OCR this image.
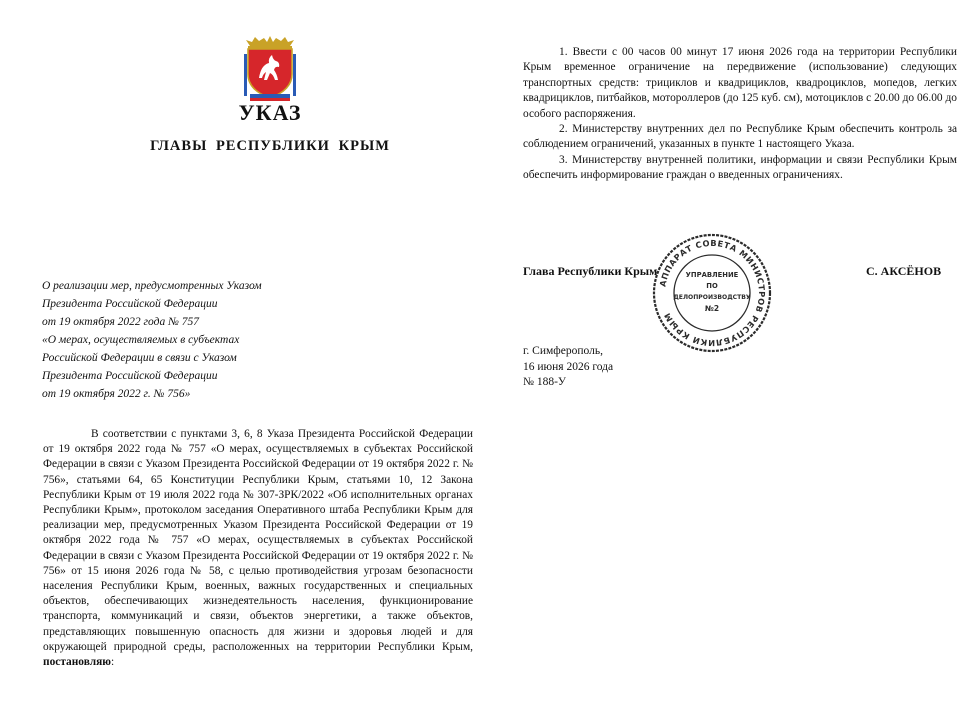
УКАЗ
ГЛАВЫ РЕСПУБЛИКИ КРЫМ
О реализации мер, предусмотренных Указом
Президента Российской Федерации
от 19 октября 2022 года № 757
«О мерах, осуществляемых в субъектах
Российской Федерации в связи с Указом
Президента Российской Федерации
от 19 октября 2022 г. № 756»

В соответствии с пунктами 3, 6, 8 Указа Президента Российской Федерации от 19 октября 2022 года № 757 «О мерах, осуществляемых в субъектах Российской Федерации в связи с Указом Президента Российской Федерации от 19 октября 2022 г. № 756», статьями 64, 65 Конституции Республики Крым, статьями 10, 12 Закона Республики Крым от 19 июля 2022 года № 307-ЗРК/2022 «Об исполнительных органах Республики Крым», протоколом заседания Оперативного штаба Республики Крым для реализации мер, предусмотренных Указом Президента Российской Федерации от 19 октября 2022 года № 757 «О мерах, осуществляемых в субъектах Российской Федерации в связи с Указом Президента Российской Федерации от 19 октября 2022 г. № 756» от 15 июня 2026 года № 58, с целью противодействия угрозам безопасности населения Республики Крым, военных, важных государственных и специальных объектов, обеспечивающих жизнедеятельность населения, функционирование транспорта, коммуникаций и связи, объектов энергетики, а также объектов, представляющих повышенную опасность для жизни и здоровья людей и для окружающей природной среды, расположенных на территории Республики Крым, постановляю:

1. Ввести с 00 часов 00 минут 17 июня 2026 года на территории Республики Крым временное ограничение на передвижение (использование) следующих транспортных средств: трициклов и квадрициклов, квадроциклов, мопедов, легких квадрициклов, питбайков, мотороллеров (до 125 куб. см), мотоциклов с 20.00 до 06.00 до особого распоряжения.

2. Министерству внутренних дел по Республике Крым обеспечить контроль за соблюдением ограничений, указанных в пункте 1 настоящего Указа.

3. Министерству внутренней политики, информации и связи Республики Крым обеспечить информирование граждан о введенных ограничениях.

Глава Республики Крым
АППАРАТ СОВЕТА МИНИСТРОВ РЕСПУБЛИКИ КРЫМ
УПРАВЛЕНИЕ
ПО
ДЕЛОПРОИЗВОДСТВУ
№2
С. АКСЁНОВ
г. Симферополь,
16 июня 2026 года
№ 188-У
